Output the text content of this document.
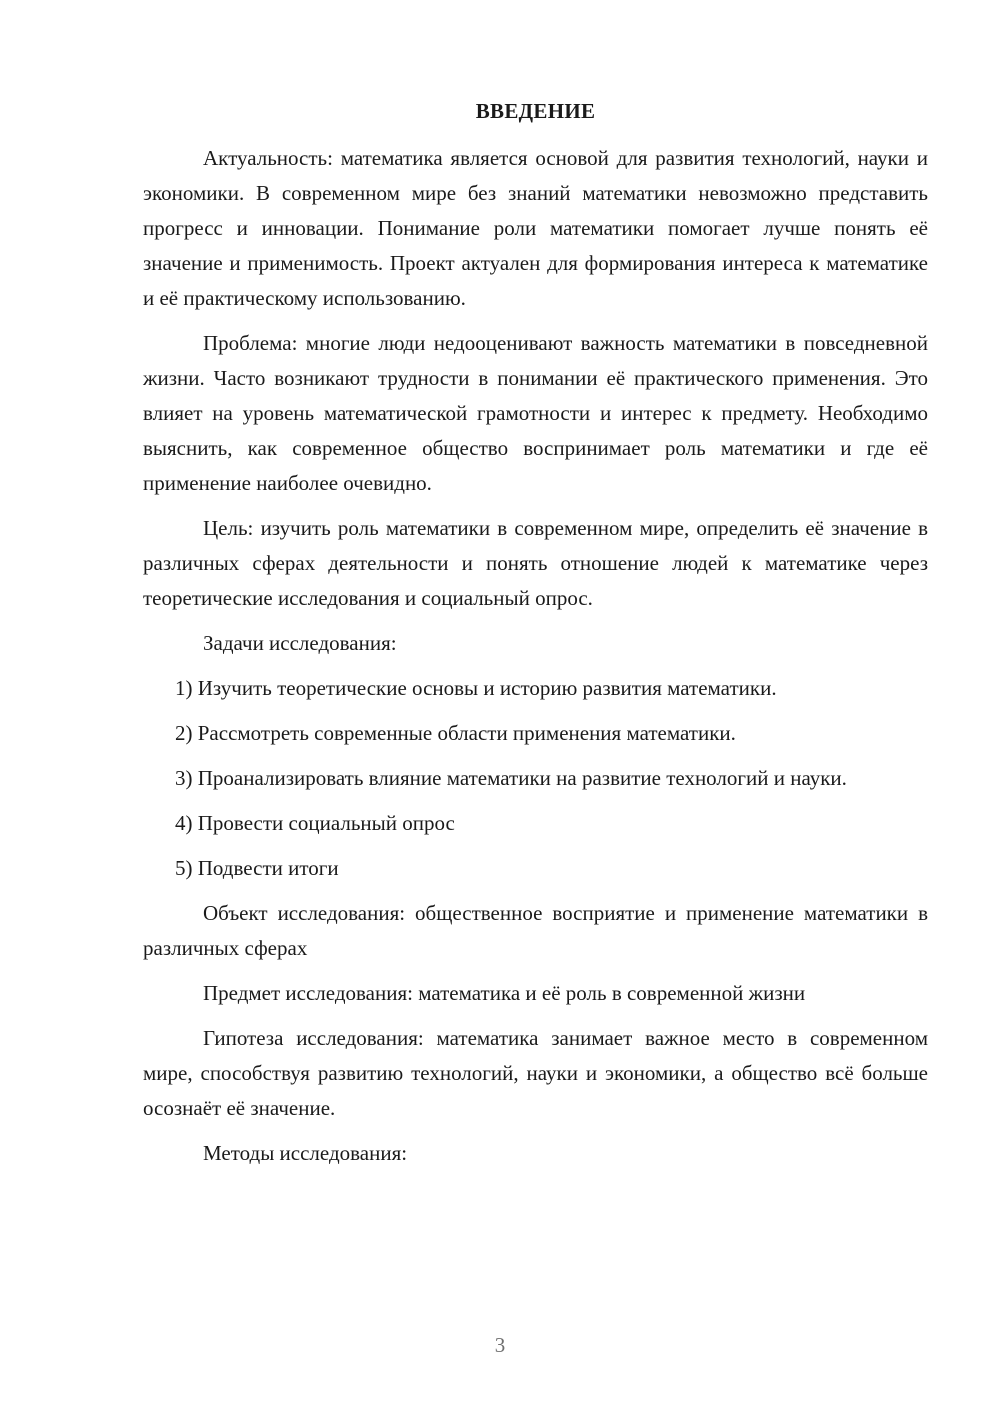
ВВЕДЕНИЕ

Актуальность: математика является основой для развития технологий, науки и экономики. В современном мире без знаний математики невозможно представить прогресс и инновации. Понимание роли математики помогает лучше понять её значение и применимость. Проект актуален для формирования интереса к математике и её практическому использованию.

Проблема: многие люди недооценивают важность математики в повседневной жизни. Часто возникают трудности в понимании её практического применения. Это влияет на уровень математической грамотности и интерес к предмету. Необходимо выяснить, как современное общество воспринимает роль математики и где её применение наиболее очевидно.

Цель: изучить роль математики в современном мире, определить её значение в различных сферах деятельности и понять отношение людей к математике через теоретические исследования и социальный опрос.

Задачи исследования:

1) Изучить теоретические основы и историю развития математики.

2) Рассмотреть современные области применения математики.

3) Проанализировать влияние математики на развитие технологий и науки.

4) Провести социальный опрос

5) Подвести итоги

Объект исследования: общественное восприятие и применение математики в различных сферах

Предмет исследования: математика и её роль в современной жизни

Гипотеза исследования: математика занимает важное место в современном мире, способствуя развитию технологий, науки и экономики, а общество всё больше осознаёт её значение.

Методы исследования:

3
